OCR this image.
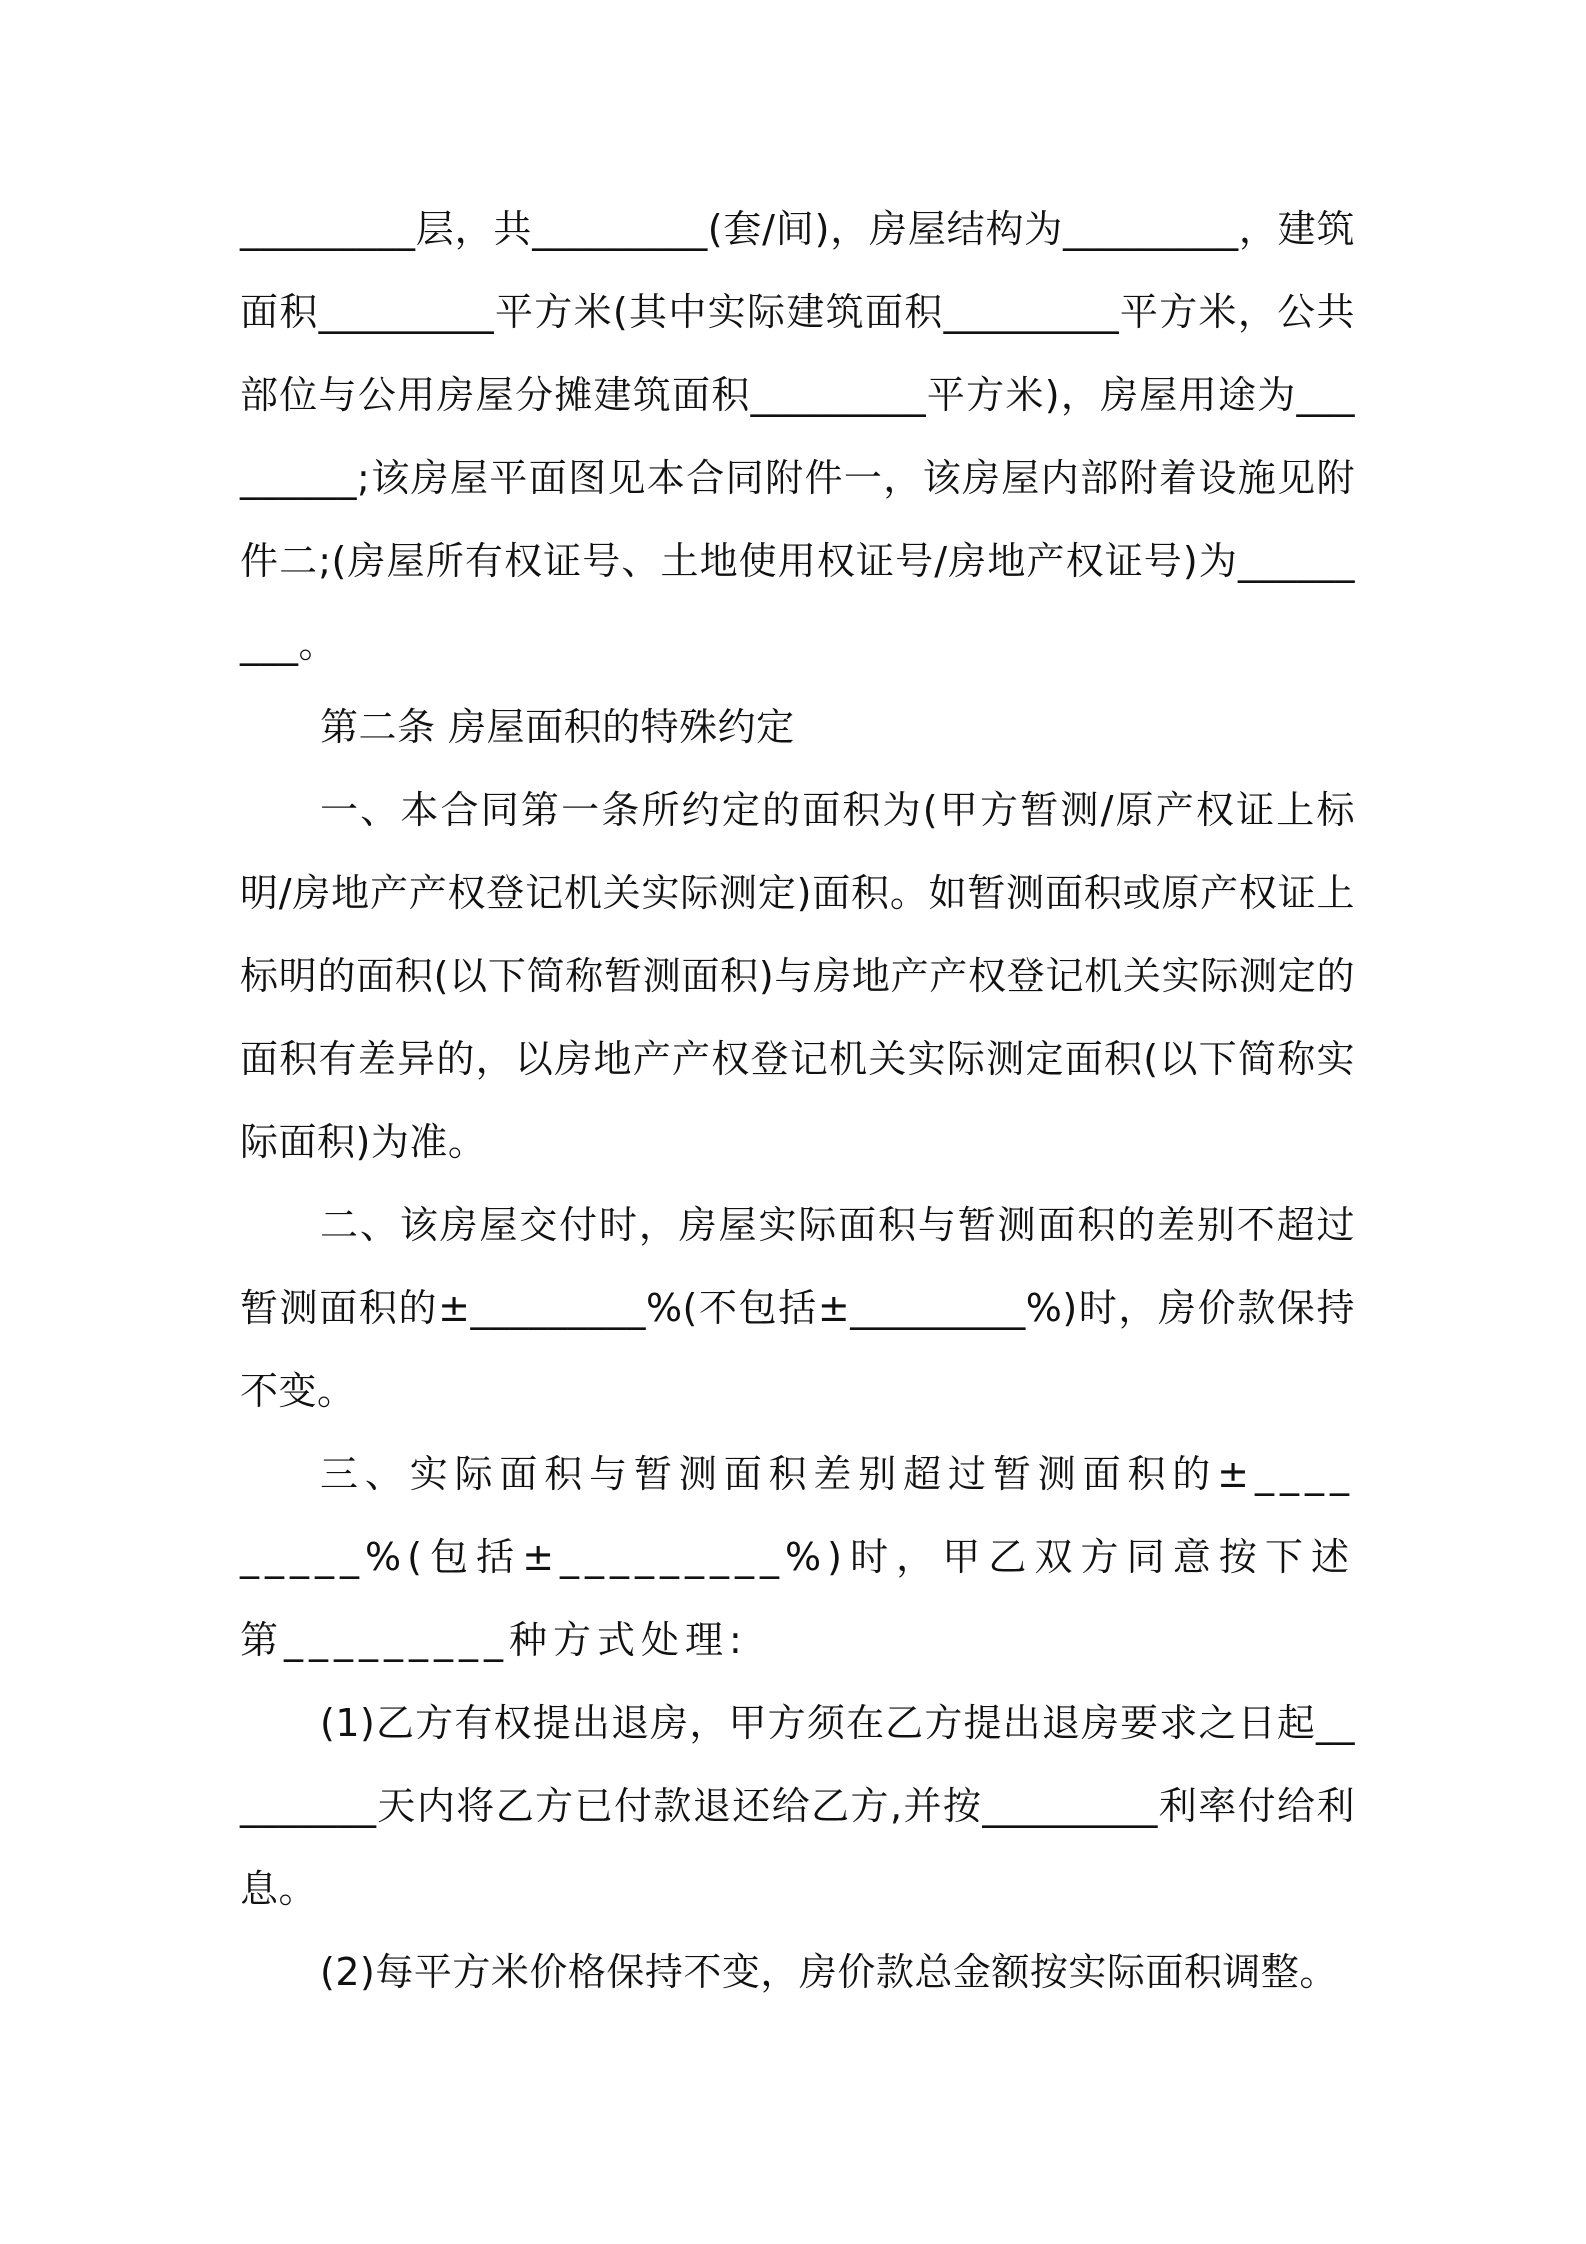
_________层，共_________(套/间)，房屋结构为_________，建筑面积_________平方米(其中实际建筑面积_________平方米，公共部位与公用房屋分摊建筑面积_________平方米)，房屋用途为_________;该房屋平面图见本合同附件一，该房屋内部附着设施见附件二;(房屋所有权证号、土地使用权证号/房地产权证号)为_________。

第二条 房屋面积的特殊约定

一、本合同第一条所约定的面积为(甲方暂测/原产权证上标明/房地产产权登记机关实际测定)面积。如暂测面积或原产权证上标明的面积(以下简称暂测面积)与房地产产权登记机关实际测定的面积有差异的，以房地产产权登记机关实际测定面积(以下简称实际面积)为准。

二、该房屋交付时，房屋实际面积与暂测面积的差别不超过暂测面积的±_________%(不包括±_________%)时，房价款保持不变。

三、实际面积与暂测面积差别超过暂测面积的±_________%(包括±_________%)时，甲乙双方同意按下述第_________种方式处理:

(1)乙方有权提出退房，甲方须在乙方提出退房要求之日起_________天内将乙方已付款退还给乙方,并按_________利率付给利息。

(2)每平方米价格保持不变，房价款总金额按实际面积调整。
